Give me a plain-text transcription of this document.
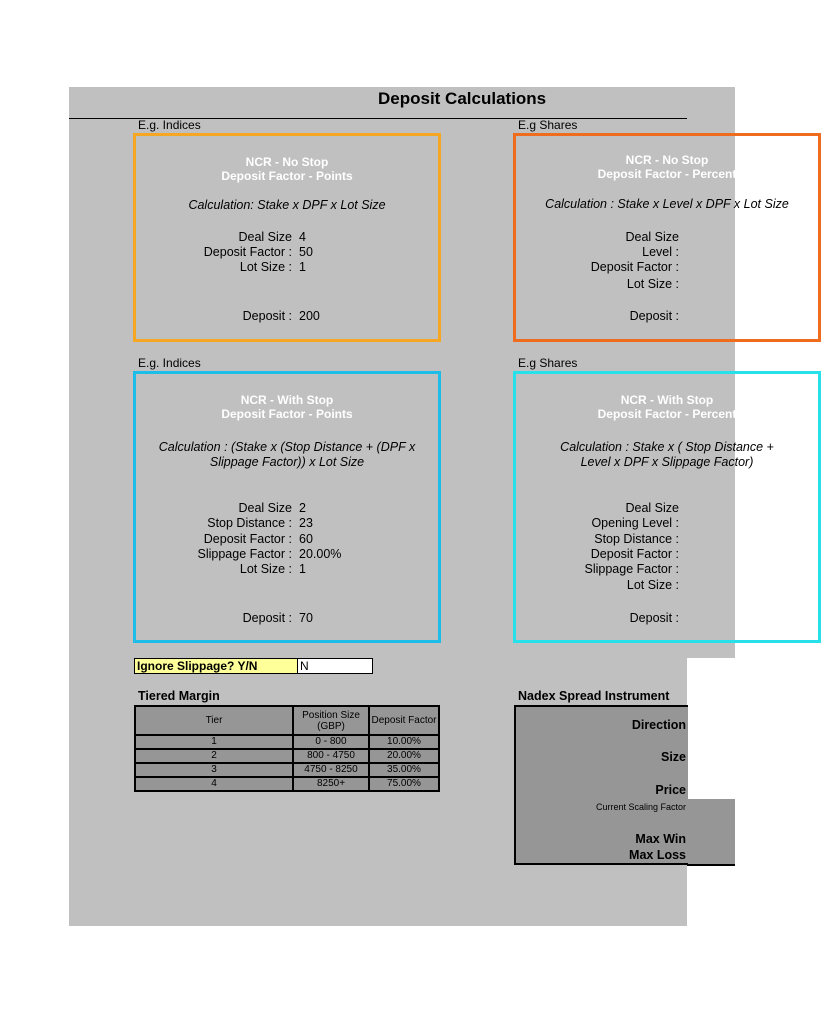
Deposit Calculations
E.g. Indices
NCR - No Stop
Deposit Factor - Points
Calculation: Stake x DPF x Lot Size
Deal Size 4
Deposit Factor : 50
Lot Size : 1
Deposit : 200
E.g Shares
NCR - No Stop
Deposit Factor - Percent
Calculation : Stake x Level x DPF x Lot Size
Deal Size
Level :
Deposit Factor :
Lot Size :
Deposit :
E.g. Indices
NCR - With Stop
Deposit Factor - Points
Calculation : (Stake x (Stop Distance + (DPF x
Slippage Factor)) x Lot Size
Deal Size 2
Stop Distance : 23
Deposit Factor : 60
Slippage Factor : 20.00%
Lot Size : 1
Deposit : 70
E.g Shares
NCR - With Stop
Deposit Factor - Percent
Calculation : Stake x ( Stop Distance +
Level x DPF x Slippage Factor)
Deal Size
Opening Level :
Stop Distance :
Deposit Factor :
Slippage Factor :
Lot Size :
Deposit :
Ignore Slippage? Y/N	N
Tiered Margin
Tier	Position Size (GBP)	Deposit Factor
1	0 - 800	10.00%
2	800 - 4750	20.00%
3	4750 - 8250	35.00%
4	8250+	75.00%
Nadex Spread Instrument
Direction
Size
Price
Current Scaling Factor
Max Win
Max Loss
